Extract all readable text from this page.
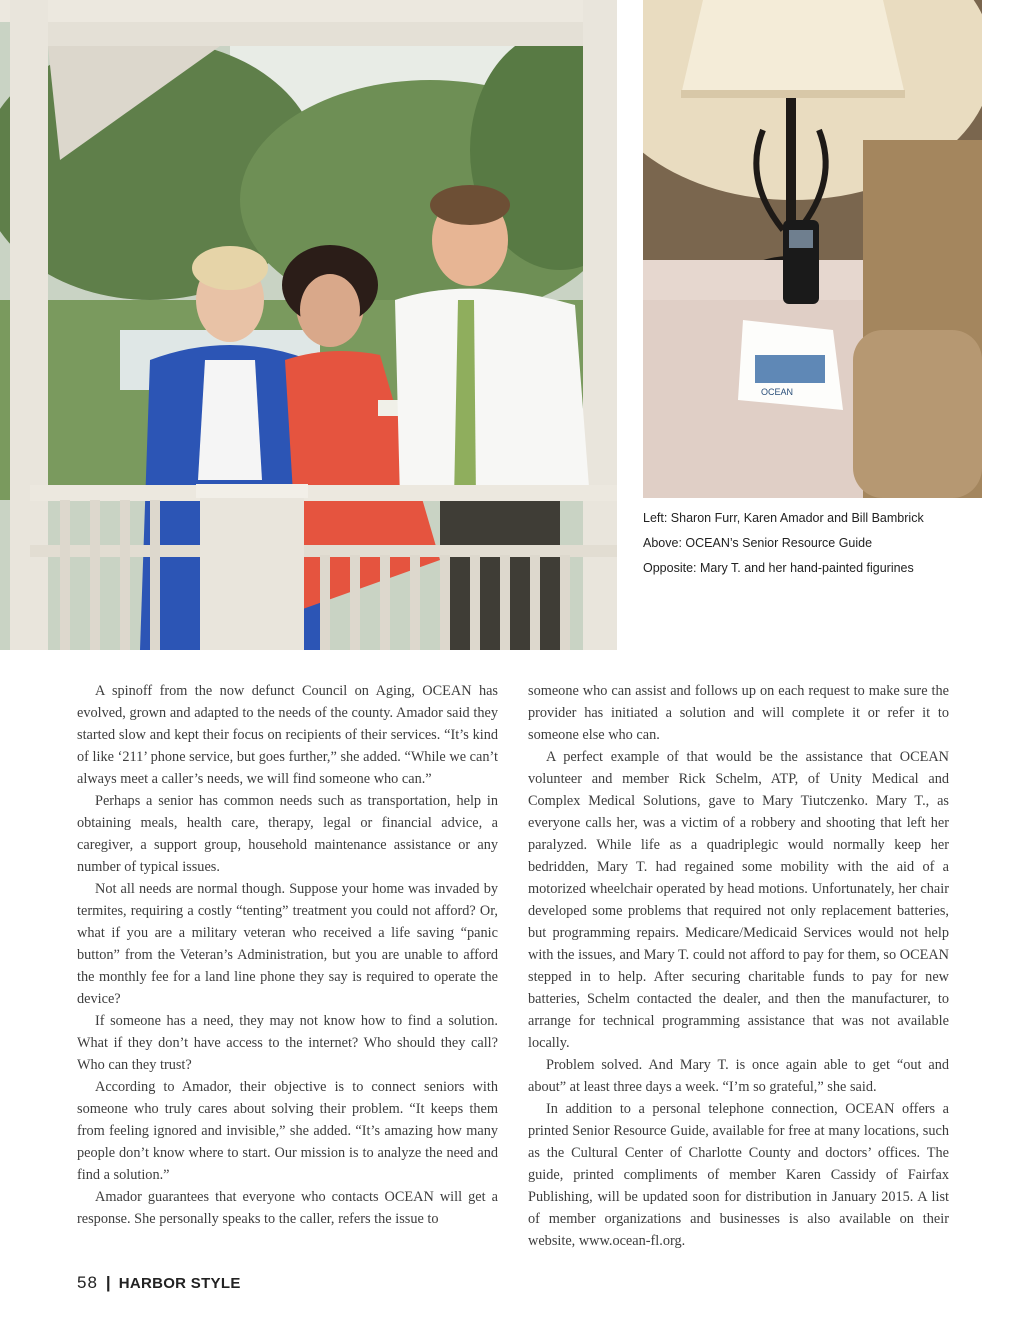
OCEAN
Left: Sharon Furr, Karen Amador and Bill Bambrick
Above: OCEAN’s Senior Resource Guide
Opposite: Mary T. and her hand-painted figurines

A spinoff from the now defunct Council on Aging, OCEAN has evolved, grown and adapted to the needs of the county. Amador said they started slow and kept their focus on recipients of their services. “It’s kind of like ‘211’ phone service, but goes further,” she added. “While we can’t always meet a caller’s needs, we will find someone who can.”

Perhaps a senior has common needs such as transportation, help in obtaining meals, health care, therapy, legal or financial advice, a caregiver, a support group, household maintenance assistance or any number of typical issues.

Not all needs are normal though. Suppose your home was invaded by termites, requiring a costly “tenting” treatment you could not afford? Or, what if you are a military veteran who received a life saving “panic button” from the Veteran’s Administration, but you are unable to afford the monthly fee for a land line phone they say is required to operate the device?

If someone has a need, they may not know how to find a solution. What if they don’t have access to the internet? Who should they call? Who can they trust?

According to Amador, their objective is to connect seniors with someone who truly cares about solving their problem. “It keeps them from feeling ignored and invisible,” she added. “It’s amazing how many people don’t know where to start. Our mission is to analyze the need and find a solution.”

Amador guarantees that everyone who contacts OCEAN will get a response. She personally speaks to the caller, refers the issue to

someone who can assist and follows up on each request to make sure the provider has initiated a solution and will complete it or refer it to someone else who can.

A perfect example of that would be the assistance that OCEAN volunteer and member Rick Schelm, ATP, of Unity Medical and Complex Medical Solutions, gave to Mary Tiutczenko. Mary T., as everyone calls her, was a victim of a robbery and shooting that left her paralyzed. While life as a quadriplegic would normally keep her bedridden, Mary T. had regained some mobility with the aid of a motorized wheelchair operated by head motions. Unfortunately, her chair developed some problems that required not only replacement batteries, but programming repairs. Medicare/Medicaid Services would not help with the issues, and Mary T. could not afford to pay for them, so OCEAN stepped in to help. After securing charitable funds to pay for new batteries, Schelm contacted the dealer, and then the manufacturer, to arrange for technical programming assistance that was not available locally.

Problem solved. And Mary T. is once again able to get “out and about” at least three days a week. “I’m so grateful,” she said.

In addition to a personal telephone connection, OCEAN offers a printed Senior Resource Guide, available for free at many locations, such as the Cultural Center of Charlotte County and doctors’ offices. The guide, printed compliments of member Karen Cassidy of Fairfax Publishing, will be updated soon for distribution in January 2015. A list of member organizations and businesses is also available on their website, www.ocean-fl.org.

58 | HARBOR STYLE
